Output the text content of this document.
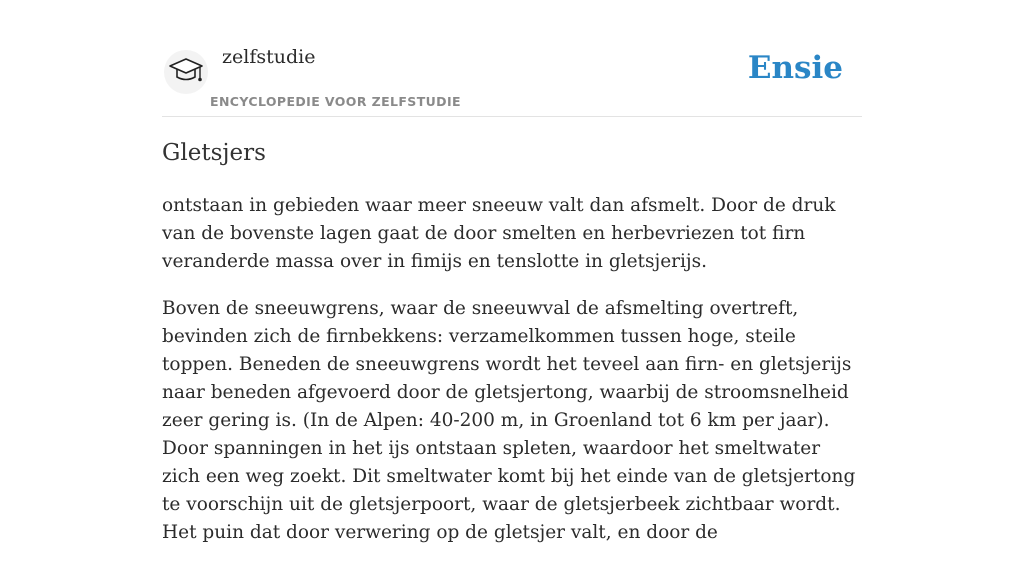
zelfstudie
ENCYCLOPEDIE VOOR ZELFSTUDIE
Ensie
Gletsjers

ontstaan in gebieden waar meer sneeuw valt dan afsmelt. Door de druk van de bovenste lagen gaat de door smelten en herbevriezen tot firn veranderde massa over in fimijs en tenslotte in gletsjerijs.

Boven de sneeuwgrens, waar de sneeuwval de afsmelting overtreft, bevinden zich de firnbekkens: verzamelkommen tussen hoge, steile toppen. Beneden de sneeuwgrens wordt het teveel aan firn- en gletsjerijs naar beneden afgevoerd door de gletsjertong, waarbij de stroomsnelheid zeer gering is. (In de Alpen: 40-200 m, in Groenland tot 6 km per jaar). Door spanningen in het ijs ontstaan spleten, waardoor het smeltwater zich een weg zoekt. Dit smeltwater komt bij het einde van de gletsjertong te voorschijn uit de gletsjerpoort, waar de gletsjerbeek zichtbaar wordt. Het puin dat door verwering op de gletsjer valt, en door de
